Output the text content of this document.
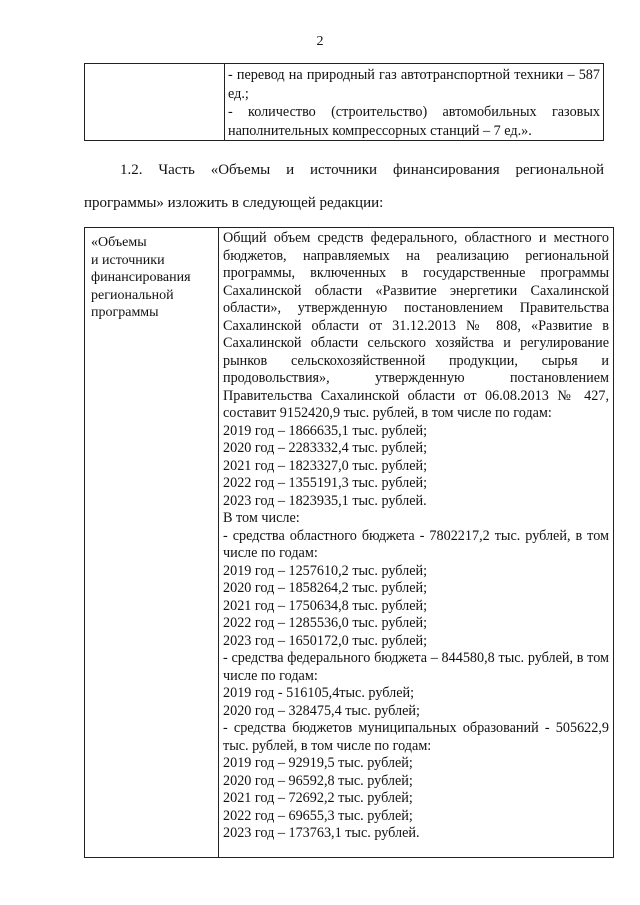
2
- перевод на природный газ автотранспортной техники – 587 ед.;
- количество (строительство) автомобильных газовых наполнительных компрессорных станций – 7 ед.».
1.2. Часть «Объемы и источники финансирования региональной программы» изложить в следующей редакции:
«Объемы
и источники
финансирования
региональной
программы
Общий объем средств федерального, областного и местного бюджетов, направляемых на реализацию региональной программы, включенных в государственные программы Сахалинской области «Развитие энергетики Сахалинской области», утвержденную постановлением Правительства Сахалинской области от 31.12.2013 № 808, «Развитие в Сахалинской области сельского хозяйства и регулирование рынков сельскохозяйственной продукции, сырья и продовольствия», утвержденную постановлением Правительства Сахалинской области от 06.08.2013 № 427, составит 9152420,9 тыс. рублей, в том числе по годам:
2019 год – 1866635,1 тыс. рублей;
2020 год – 2283332,4 тыс. рублей;
2021 год – 1823327,0 тыс. рублей;
2022 год – 1355191,3 тыс. рублей;
2023 год – 1823935,1 тыс. рублей.
В том числе:
- средства областного бюджета - 7802217,2 тыс. рублей, в том числе по годам:
2019 год – 1257610,2 тыс. рублей;
2020 год – 1858264,2 тыс. рублей;
2021 год – 1750634,8 тыс. рублей;
2022 год – 1285536,0 тыс. рублей;
2023 год – 1650172,0 тыс. рублей;
- средства федерального бюджета – 844580,8 тыс. рублей, в том числе по годам:
2019 год - 516105,4тыс. рублей;
2020 год – 328475,4 тыс. рублей;
- средства бюджетов муниципальных образований - 505622,9 тыс. рублей, в том числе по годам:
2019 год – 92919,5 тыс. рублей;
2020 год – 96592,8 тыс. рублей;
2021 год – 72692,2 тыс. рублей;
2022 год – 69655,3 тыс. рублей;
2023 год – 173763,1 тыс. рублей.
